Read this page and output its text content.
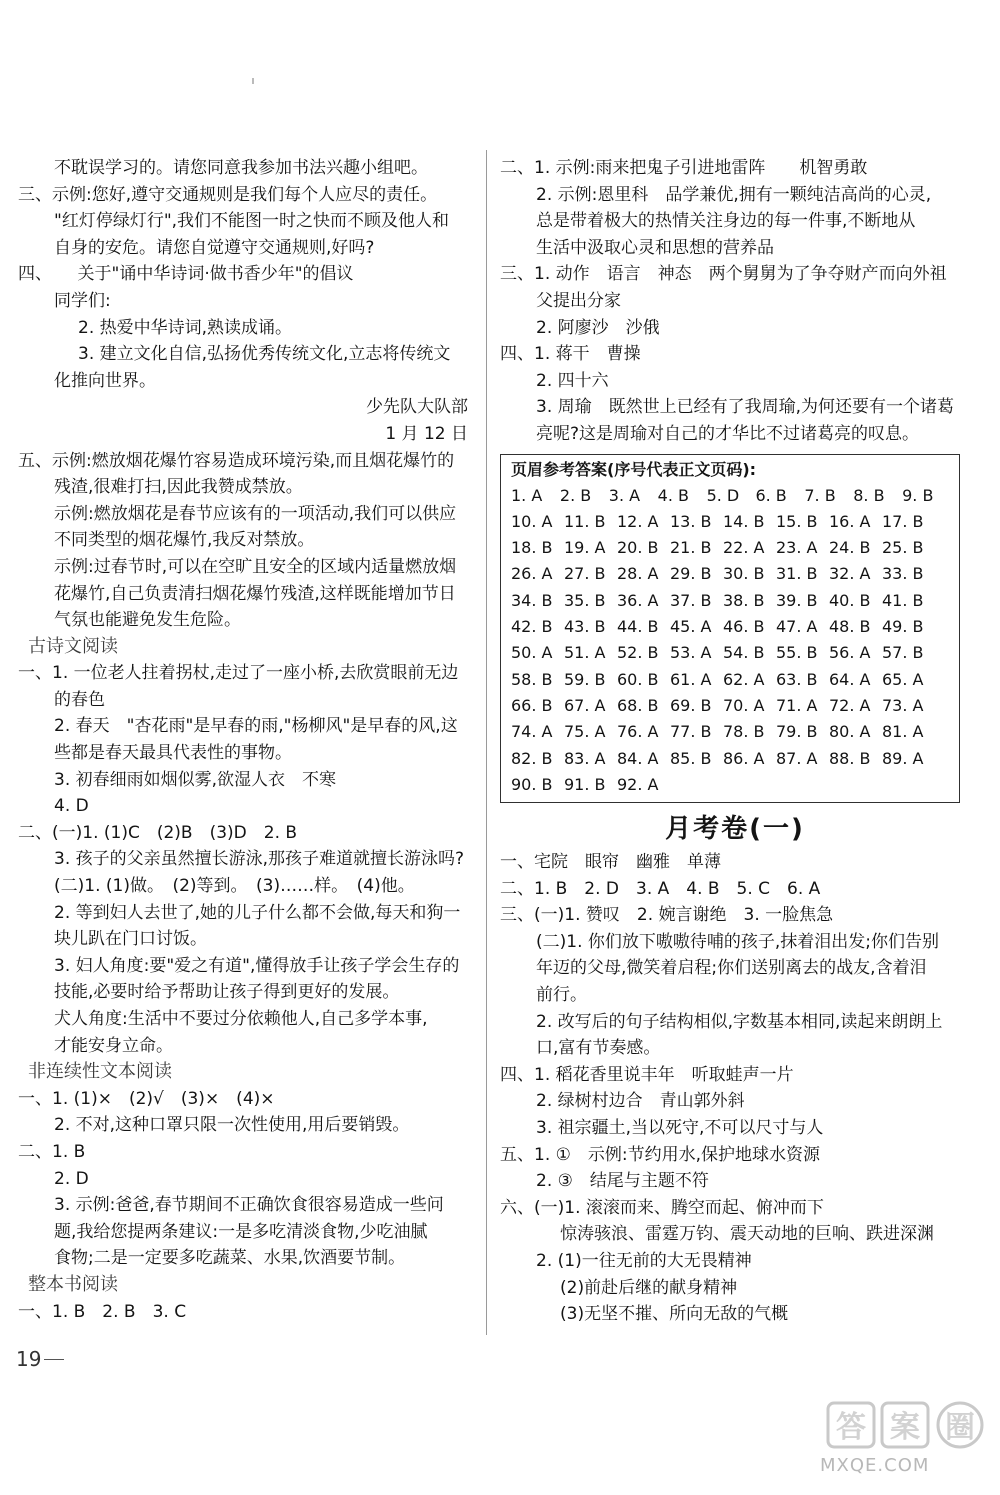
不耽误学习的。请您同意我参加书法兴趣小组吧。
三、示例:您好,遵守交通规则是我们每个人应尽的责任。
"红灯停绿灯行",我们不能图一时之快而不顾及他人和
自身的安危。请您自觉遵守交通规则,好吗?
四、　　关于"诵中华诗词·做书香少年"的倡议
同学们:
2. 热爱中华诗词,熟读成诵。
3. 建立文化自信,弘扬优秀传统文化,立志将传统文
化推向世界。
少先队大队部
1 月 12 日
五、示例:燃放烟花爆竹容易造成环境污染,而且烟花爆竹的
残渣,很难打扫,因此我赞成禁放。
示例:燃放烟花是春节应该有的一项活动,我们可以供应
不同类型的烟花爆竹,我反对禁放。
示例:过春节时,可以在空旷且安全的区域内适量燃放烟
花爆竹,自己负责清扫烟花爆竹残渣,这样既能增加节日
气氛也能避免发生危险。
古诗文阅读
一、1. 一位老人拄着拐杖,走过了一座小桥,去欣赏眼前无边
的春色
2. 春天　"杏花雨"是早春的雨,"杨柳风"是早春的风,这
些都是春天最具代表性的事物。
3. 初春细雨如烟似雾,欲湿人衣　不寒
4. D
二、(一)1. (1)C　(2)B　(3)D　2. B
3. 孩子的父亲虽然擅长游泳,那孩子难道就擅长游泳吗?
(二)1. (1)做。　(2)等到。　(3)……样。　(4)他。
2. 等到妇人去世了,她的儿子什么都不会做,每天和狗一
块儿趴在门口讨饭。
3. 妇人角度:要"爱之有道",懂得放手让孩子学会生存的
技能,必要时给予帮助让孩子得到更好的发展。
犬人角度:生活中不要过分依赖他人,自己多学本事,
才能安身立命。
非连续性文本阅读
一、1. (1)×　(2)√　(3)×　(4)×
2. 不对,这种口罩只限一次性使用,用后要销毁。
二、1. B
2. D
3. 示例:爸爸,春节期间不正确饮食很容易造成一些问
题,我给您提两条建议:一是多吃清淡食物,少吃油腻
食物;二是一定要多吃蔬菜、水果,饮酒要节制。
整本书阅读
一、1. B　2. B　3. C
二、1. 示例:雨来把鬼子引进地雷阵　　机智勇敢
2. 示例:恩里科　品学兼优,拥有一颗纯洁高尚的心灵,
总是带着极大的热情关注身边的每一件事,不断地从
生活中汲取心灵和思想的营养品
三、1. 动作　语言　神态　两个舅舅为了争夺财产而向外祖
父提出分家
2. 阿廖沙　沙俄
四、1. 蒋干　曹操
2. 四十六
3. 周瑜　既然世上已经有了我周瑜,为何还要有一个诸葛
亮呢?这是周瑜对自己的才华比不过诸葛亮的叹息。
页眉参考答案(序号代表正文页码):
1. A	2. B	3. A	4. B	5. D	6. B	7. B	8. B	9. B
10. A 11. B 12. A 13. B 14. B 15. B 16. A 17. B
18. B 19. A 20. B 21. B 22. A 23. A 24. B 25. B
26. A 27. B 28. A 29. B 30. B 31. B 32. A 33. B
34. B 35. B 36. A 37. B 38. B 39. B 40. B 41. B
42. B 43. B 44. B 45. A 46. B 47. A 48. B 49. B
50. A 51. A 52. B 53. A 54. B 55. B 56. A 57. B
58. B 59. B 60. B 61. A 62. A 63. B 64. A 65. A
66. B 67. A 68. B 69. B 70. A 71. A 72. A 73. A
74. A 75. A 76. A 77. B 78. B 79. B 80. A 81. A
82. B 83. A 84. A 85. B 86. A 87. A 88. B 89. A
90. B 91. B 92. A
月考卷(一)
一、宅院　眼帘　幽雅　单薄
二、1. B　2. D　3. A　4. B　5. C　6. A
三、(一)1. 赞叹　2. 婉言谢绝　3. 一脸焦急
(二)1. 你们放下嗷嗷待哺的孩子,抹着泪出发;你们告别
年迈的父母,微笑着启程;你们送别离去的战友,含着泪
前行。
2. 改写后的句子结构相似,字数基本相同,读起来朗朗上
口,富有节奏感。
四、1. 稻花香里说丰年　听取蛙声一片
2. 绿树村边合　青山郭外斜
3. 祖宗疆土,当以死守,不可以尺寸与人
五、1. ①　示例:节约用水,保护地球水资源
2. ③　结尾与主题不符
六、(一)1. 滚滚而来、腾空而起、俯冲而下
惊涛骇浪、雷霆万钧、震天动地的巨响、跌进深渊
2. (1)一往无前的大无畏精神
(2)前赴后继的献身精神
(3)无坚不摧、所向无敌的气概
19
答 案 圈
MXQE.COM
